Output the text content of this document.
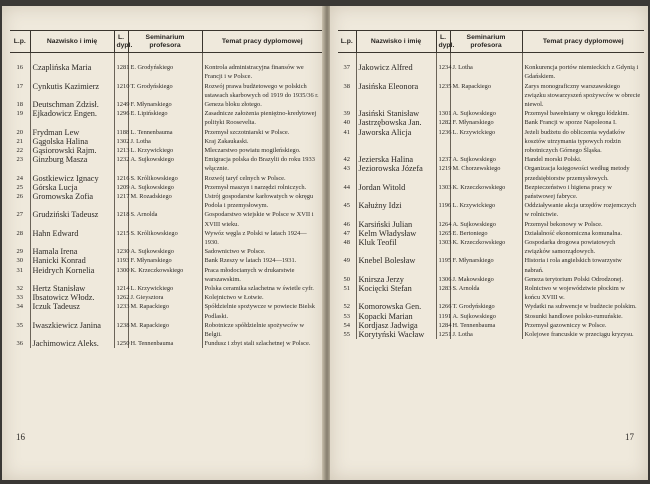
L.p.	Nazwisko i imię	L. dypl.	Seminarium profesora	Temat pracy dyplomowej
16	Czaplińska Maria	1281	E. Grodyńskiego	Kontrola administracyjna finansów we Francji i w Polsce.
17	Cynkutis Kazimierz	1210	T. Grodyńskiego	Rozwój prawa budżetowego w polskich ustawach skarbowych od 1919 do 1935/36 r.
18	Deutschman Zdzisł.	1249	F. Młynarskiego	Geneza bloku złotego.
19	Ejkadowicz Engen.	1296	E. Lipińskiego	Zasadnicze założenia pieniężno-kredytowej polityki Roosevelta.
20	Frydman Lew	1188	L. Tennenbauma	Przemysł szczotniarski w Polsce.
21	Gągolska Halina	1302	J. Lotha	Kraj Zakaukaski.
22	Gąsiorowski Rajm.	1213	L. Krzywickiego	Mleczarstwo powiatu mogileńskiego.
23	Ginzburg Masza	1232	A. Sujkowskiego	Emigracja polska do Brazylii do roku 1933 włącznie.
24	Gostkiewicz Ignacy	1216	S. Królikowskiego	Rozwój taryf celnych w Polsce.
25	Górska Lucja	1209	A. Sujkowskiego	Przemysł maszyn i narzędzi rolniczych.
26	Gromowska Zofia	1217	M. Rozadskiego	Ustrój gospodarstw karłowatych w okręgu Podola i przemysłowym.
27	Grudziński Tadeusz	1218	S. Arnolda	Gospodarstwo wiejskie w Polsce w XVII i XVIII wieku.
28	Hahn Edward	1215	S. Królikowskiego	Wywóz węgla z Polski w latach 1924—1930.
29	Hamala Irena	1230	A. Sujkowskiego	Sadownictwo w Polsce.
30	Hanicki Konrad	1193	F. Młynarskiego	Bank Rzeszy w latach 1924—1931.
31	Heidrych Kornelia	1300	K. Krzeczkowskiego	Praca młodocianych w drukarstwie warszawskim.
32	Hertz Stanisław	1214	L. Krzywickiego	Polska ceramika szlachetna w świetle cyfr.
33	Ibsatowicz Włodz.	1262	J. Gieysztora	Kolejnictwo w Łotwie.
34	Iczuk Tadeusz	1233	M. Rapackiego	Spółdzielnie spożywcze w powiecie Bielsk Podlaski.
35	Iwaszkiewicz Janina	1238	M. Rapackiego	Robotnicze spółdzielnie spożywców w Belgii.
36	Jachimowicz Aleks.	1250	H. Tennenbauma	Fundusz i zbyt stali szlachetnej w Polsce.
16
L.p.	Nazwisko i imię	L. dypl.	Seminarium profesora	Temat pracy dyplomowej
37	Jakowicz Alfred	1234	J. Lotha	Konkurencja portów niemieckich z Gdynią i Gdańskiem.
38	Jasińska Eleonora	1235	M. Rapackiego	Zarys monograficzny warszawskiego związku stowarzyszeń spożywców w obrecie niewol.
39	Jasiński Stanisław	1301	A. Sujkowskiego	Przemysł bawełniany w okręgu łódzkim.
40	Jastrzębowska Jan.	1282	F. Młynarskiego	Bank Francji w sporze Napoleona I.
41	Jaworska Alicja	1236	L. Krzywickiego	Jeżeli budżetu do obliczenia wydatków kosztów utrzymania typowych rodzin robotniczych Górnego Śląska.
42	Jezierska Halina	1237	A. Sujkowskiego	Handel morski Polski.
43	Jeziorowska Józefa	1219	M. Chorzewskiego	Organizacja księgowości według metody przedsiębiorstw przemysłowych.
44	Jordan Witold	1303	K. Krzeczkowskiego	Bezpieczeństwo i higiena pracy w państwowej fabryce.
45	Kałużny Idzi	1196	L. Krzywickiego	Oddziaływanie akcja urzędów rozjemczych w rolnictwie.
46	Karsiński Julian	1264	A. Sujkowskiego	Przemysł bekonowy w Polsce.
47	Kelm Władysław	1265	E. Bertoniego	Działalność ekonomiczna komunalna.
48	Kluk Teofil	1303	K. Krzeczkowskiego	Gospodarka drogowa powiatowych związków samorządowych.
49	Knebel Bolesław	1195	F. Młynarskiego	Historia i rola angielskich towarzystw nabrań.
50	Knirsza Jerzy	1306	J. Makowskiego	Geneza terytorium Polski Odrodzonej.
51	Kocięcki Stefan	1283	S. Arnolda	Rolnictwo w województwie płockim w końcu XVIII w.
52	Komorowska Gen.	1266	T. Grodyńskiego	Wydatki na subwencje w budżecie polskim.
53	Kopacki Marian	1191	A. Sujkowskiego	Stosunki handlowe polsko-rumuńskie.
54	Kordjasz Jadwiga	1284	H. Tennenbauma	Przemysł gazowniczy w Polsce.
55	Korytyński Wacław	1251	J. Lotha	Kolejowe francuskie w przeciągu kryzysu.
17
